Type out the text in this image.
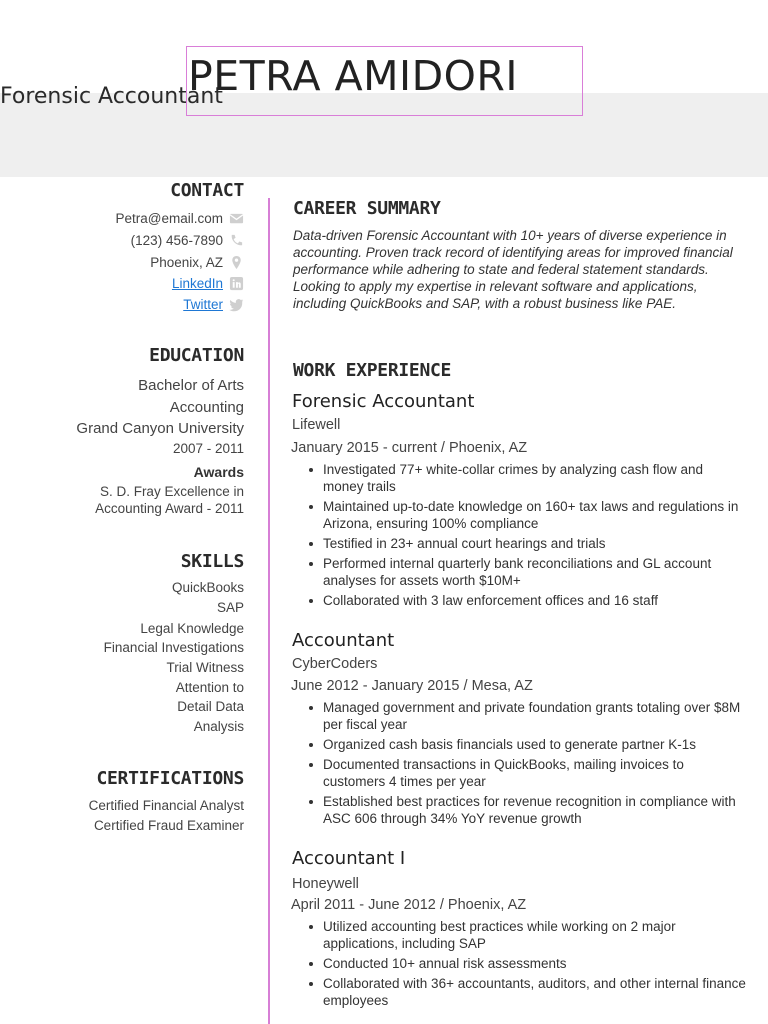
Forensic Accountant
PETRA AMIDORI
CONTACT
Petra@email.com
(123) 456-7890
Phoenix, AZ
LinkedIn
Twitter
EDUCATION
Bachelor of Arts
Accounting
Grand Canyon University
2007 - 2011
Awards
S. D. Fray Excellence in
Accounting Award - 2011
SKILLS
QuickBooks
SAP
Legal Knowledge
Financial Investigations
Trial Witness
Attention to
Detail Data
Analysis
CERTIFICATIONS
Certified Financial Analyst
Certified Fraud Examiner
CAREER SUMMARY

Data-driven Forensic Accountant with 10+ years of diverse experience in accounting. Proven track record of identifying areas for improved financial performance while adhering to state and federal statement standards. Looking to apply my expertise in relevant software and applications, including QuickBooks and SAP, with a robust business like PAE.

WORK EXPERIENCE
Forensic Accountant
Lifewell
January 2015 - current / Phoenix, AZ
Investigated 77+ white-collar crimes by analyzing cash flow and money trails
Maintained up-to-date knowledge on 160+ tax laws and regulations in Arizona, ensuring 100% compliance
Testified in 23+ annual court hearings and trials
Performed internal quarterly bank reconciliations and GL account analyses for assets worth $10M+
Collaborated with 3 law enforcement offices and 16 staff
Accountant
CyberCoders
June 2012 - January 2015 / Mesa, AZ
Managed government and private foundation grants totaling over $8M per fiscal year
Organized cash basis financials used to generate partner K-1s
Documented transactions in QuickBooks, mailing invoices to customers 4 times per year
Established best practices for revenue recognition in compliance with ASC 606 through 34% YoY revenue growth
Accountant I
Honeywell
April 2011 - June 2012 / Phoenix, AZ
Utilized accounting best practices while working on 2 major applications, including SAP
Conducted 10+ annual risk assessments
Collaborated with 36+ accountants, auditors, and other internal finance employees
